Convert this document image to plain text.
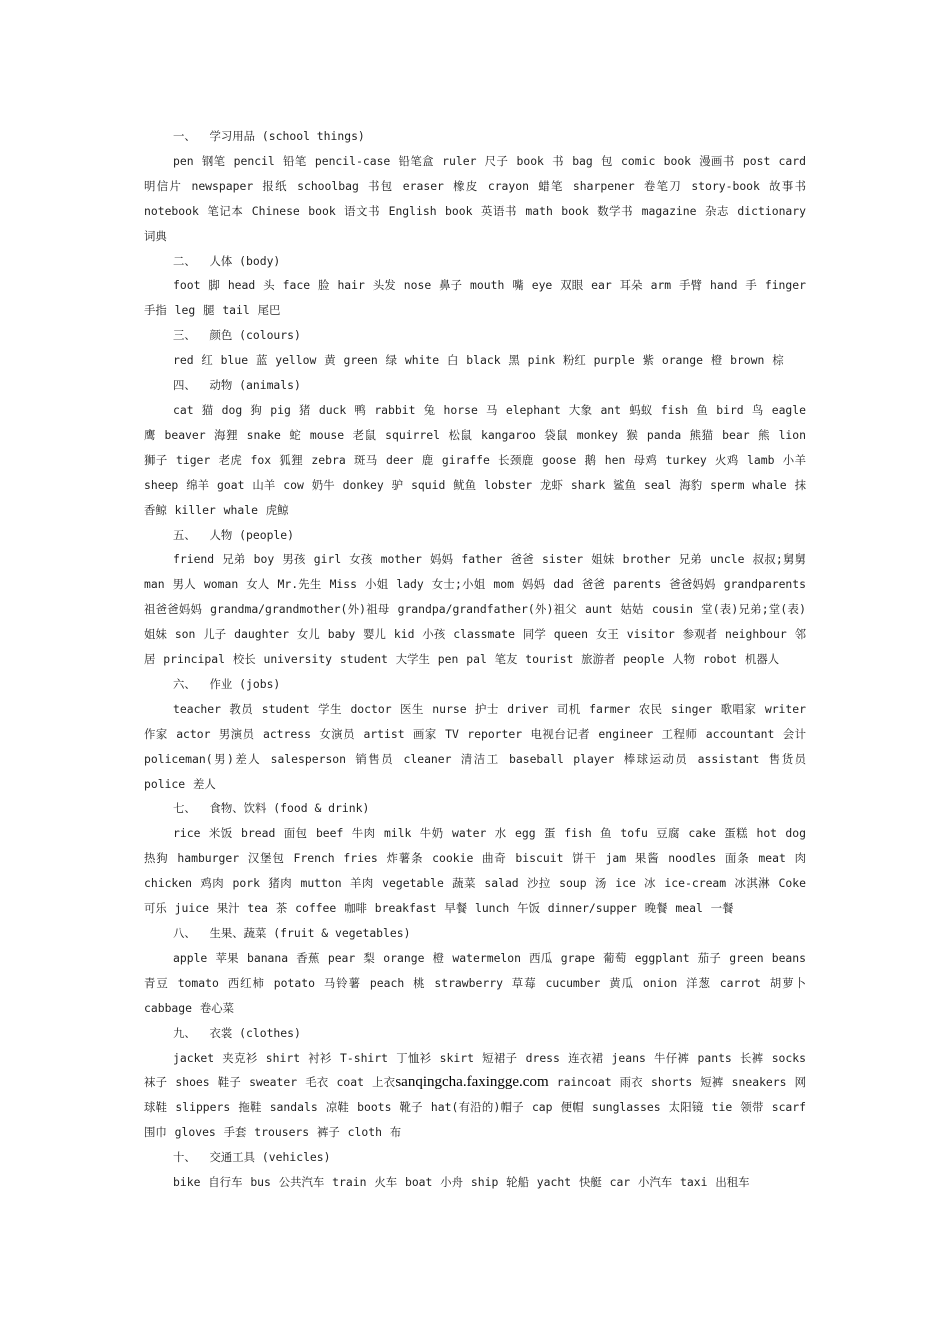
一、  学习用品 (school things)

pen 钢笔 pencil 铅笔 pencil-case 铅笔盒 ruler 尺子 book 书 bag 包 comic book 漫画书 post card 明信片 newspaper 报纸 schoolbag 书包 eraser 橡皮 crayon 蜡笔 sharpener 卷笔刀 story-book 故事书 notebook 笔记本 Chinese book 语文书 English book 英语书 math book 数学书 magazine 杂志 dictionary 词典

二、  人体 (body)

foot 脚 head 头 face 脸 hair 头发 nose 鼻子 mouth 嘴 eye 双眼 ear 耳朵 arm 手臂 hand 手 finger 手指 leg 腿 tail 尾巴

三、  颜色 (colours)

red 红 blue 蓝 yellow 黄 green 绿 white 白 black 黑 pink 粉红 purple 紫 orange 橙 brown 棕

四、  动物 (animals)

cat 猫 dog 狗 pig 猪 duck 鸭 rabbit 兔 horse 马 elephant 大象 ant 蚂蚁 fish 鱼 bird 鸟 eagle 鹰 beaver 海狸 snake 蛇 mouse 老鼠 squirrel 松鼠 kangaroo 袋鼠 monkey 猴 panda 熊猫 bear 熊 lion 狮子 tiger 老虎 fox 狐狸 zebra 斑马 deer 鹿 giraffe 长颈鹿 goose 鹅 hen 母鸡 turkey 火鸡 lamb 小羊 sheep 绵羊 goat 山羊 cow 奶牛 donkey 驴 squid 鱿鱼 lobster 龙虾 shark 鲨鱼 seal 海豹 sperm whale 抹香鲸 killer whale 虎鲸

五、  人物 (people)

friend 兄弟 boy 男孩 girl 女孩 mother 妈妈 father 爸爸 sister 姐妹 brother 兄弟 uncle 叔叔;舅舅 man 男人 woman 女人 Mr.先生 Miss 小姐 lady 女士;小姐 mom 妈妈 dad 爸爸 parents 爸爸妈妈 grandparents 祖爸爸妈妈 grandma/grandmother(外)祖母 grandpa/grandfather(外)祖父 aunt 姑姑 cousin 堂(表)兄弟;堂(表)姐妹 son 儿子 daughter 女儿 baby 婴儿 kid 小孩 classmate 同学 queen 女王 visitor 参观者 neighbour 邻居 principal 校长 university student 大学生 pen pal 笔友 tourist 旅游者 people 人物 robot 机器人

六、  作业 (jobs)

teacher 教员 student 学生 doctor 医生 nurse 护士 driver 司机 farmer 农民 singer 歌唱家 writer 作家 actor 男演员 actress 女演员 artist 画家 TV reporter 电视台记者 engineer 工程师 accountant 会计 policeman(男)差人 salesperson 销售员 cleaner 清洁工 baseball player 棒球运动员 assistant 售货员 police 差人

七、  食物、饮料 (food & drink)

rice 米饭 bread 面包 beef 牛肉 milk 牛奶 water 水 egg 蛋 fish 鱼 tofu 豆腐 cake 蛋糕 hot dog 热狗 hamburger 汉堡包 French fries 炸薯条 cookie 曲奇 biscuit 饼干 jam 果酱 noodles 面条 meat 肉 chicken 鸡肉 pork 猪肉 mutton 羊肉 vegetable 蔬菜 salad 沙拉 soup 汤 ice 冰 ice-cream 冰淇淋 Coke 可乐 juice 果汁 tea 茶 coffee 咖啡 breakfast 早餐 lunch 午饭 dinner/supper 晚餐 meal 一餐

八、  生果、蔬菜 (fruit & vegetables)

apple 苹果 banana 香蕉 pear 梨 orange 橙 watermelon 西瓜 grape 葡萄 eggplant 茄子 green beans 青豆 tomato 西红柿 potato 马铃薯 peach 桃 strawberry 草莓 cucumber 黄瓜 onion 洋葱 carrot 胡萝卜 cabbage 卷心菜

九、  衣裳 (clothes)

jacket 夹克衫 shirt 衬衫 T-shirt 丁恤衫 skirt 短裙子 dress 连衣裙 jeans 牛仔裤 pants 长裤 socks 袜子 shoes 鞋子 sweater 毛衣 coat 上衣sanqingcha.faxingge.com raincoat 雨衣 shorts 短裤 sneakers 网球鞋 slippers 拖鞋 sandals 凉鞋 boots 靴子 hat(有沿的)帽子 cap 便帽 sunglasses 太阳镜 tie 领带 scarf 围巾 gloves 手套 trousers 裤子 cloth 布

十、  交通工具 (vehicles)

bike 自行车 bus 公共汽车 train 火车 boat 小舟 ship 轮船 yacht 快艇 car 小汽车 taxi 出租车
